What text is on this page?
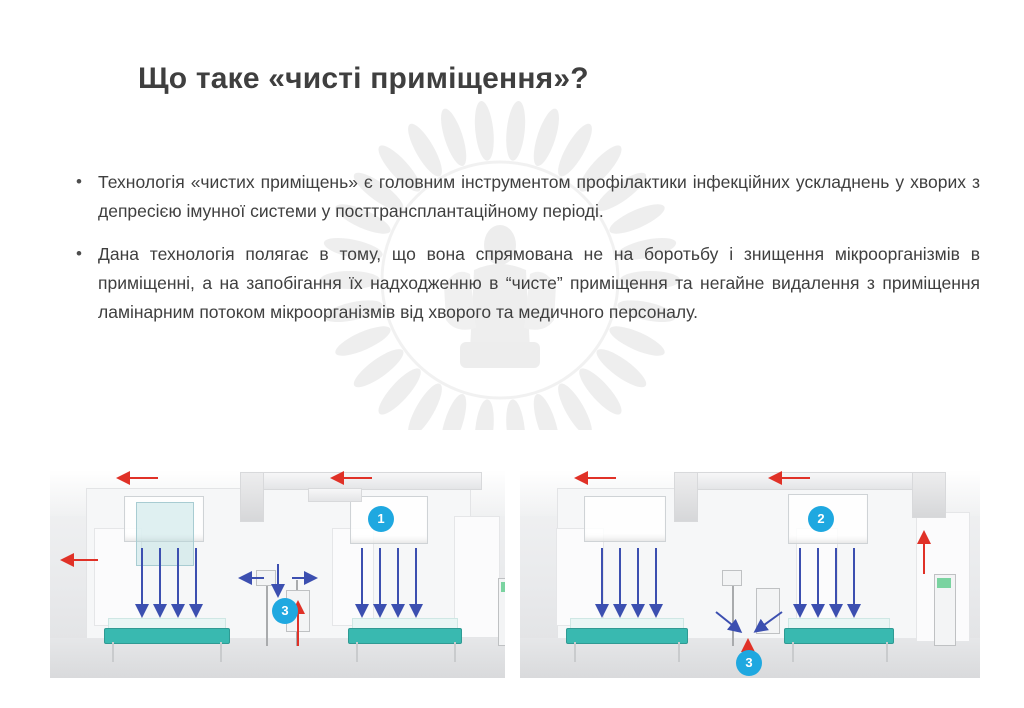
Що таке «чисті приміщення»?
• Технологія «чистих приміщень» є головним інструментом профілактики інфекційних ускладнень у хворих з депресією імунної системи у посттрансплантаційному періоді.
• Дана технологія полягає в тому, що вона спрямована не на боротьбу і знищення мікроорганізмів в приміщенні, а на запобігання їх надходженню в “чисте” приміщення та негайне видалення з приміщення ламінарним потоком мікроорганізмів від хворого та медичного персоналу.
1
3
2
3
